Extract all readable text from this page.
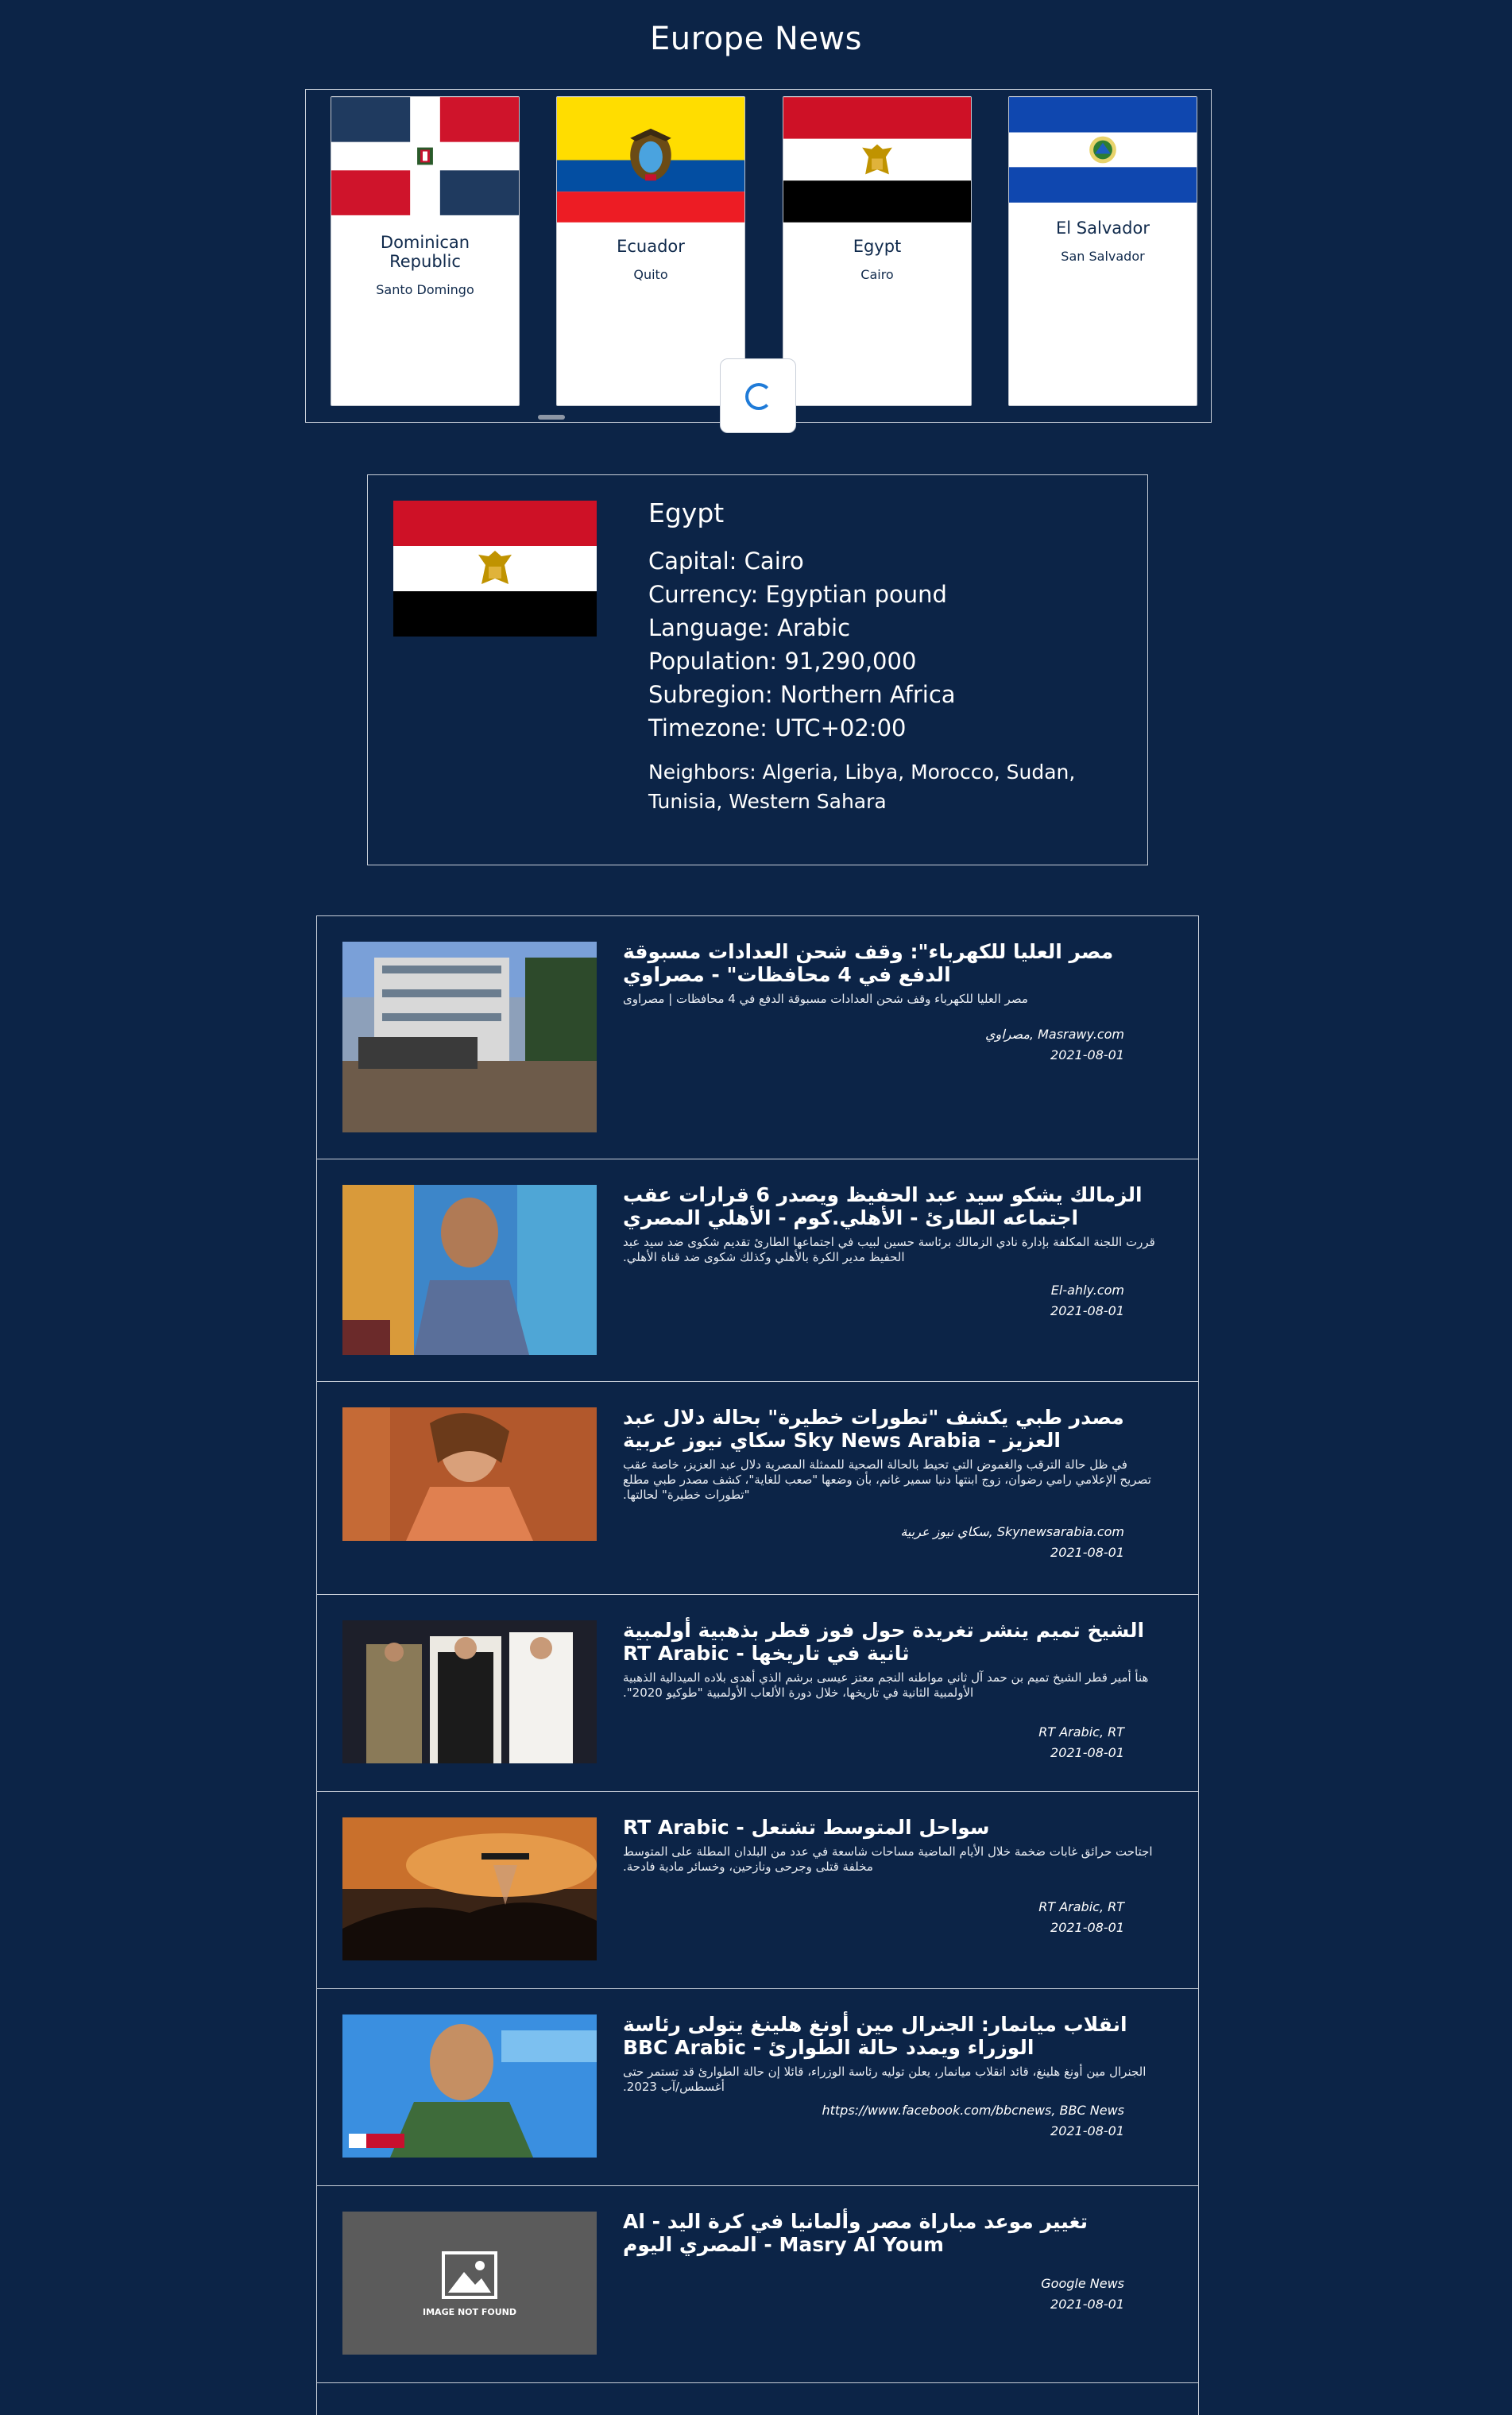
Europe News
Dominican Republic
Santo Domingo
Ecuador
Quito
Egypt
Cairo
El Salvador
San Salvador
Egypt
Capital: Cairo
Currency: Egyptian pound
Language: Arabic
Population: 91,290,000
Subregion: Northern Africa
Timezone: UTC+02:00
Neighbors: Algeria, Libya, Morocco, Sudan, Tunisia, Western Sahara
مصر العليا للكهرباء": وقف شحن العدادات مسبوقة الدفع في 4 محافظات" - مصراوي
مصر العليا للكهرباء وقف شحن العدادات مسبوقة الدفع في 4 محافظات | مصراوى
مصراوي, Masrawy.com
2021-08-01
الزمالك يشكو سيد عبد الحفيظ ويصدر 6 قرارات عقب اجتماعه الطارئ - الأهلي.كوم - الأهلي المصري
قررت اللجنة المكلفة بإدارة نادي الزمالك برئاسة حسين لبيب في اجتماعها الطارئ تقديم شكوى ضد سيد عبد الحفيظ مدير الكرة بالأهلي وكذلك شكوى ضد قناة الأهلي.
El-ahly.com
2021-08-01
مصدر طبي يكشف "تطورات خطيرة" بحالة دلال عبد العزيز - Sky News Arabia سكاي نيوز عربية
في ظل حالة الترقب والغموض التي تحيط بالحالة الصحية للممثلة المصرية دلال عبد العزيز، خاصة عقب تصريح الإعلامي رامي رضوان، زوج ابنتها دنيا سمير غانم، بأن وضعها "صعب للغاية"، كشف مصدر طبي مطلع "تطورات خطيرة" لحالتها.
سكاي نيوز عربية, Skynewsarabia.com
2021-08-01
الشيخ تميم ينشر تغريدة حول فوز قطر بذهبية أولمبية ثانية في تاريخها - RT Arabic
هنأ أمير قطر الشيخ تميم بن حمد آل ثاني مواطنه النجم معتز عيسى برشم الذي أهدى بلاده الميدالية الذهبية الأولمبية الثانية في تاريخها، خلال دورة الألعاب الأولمبية "طوكيو 2020".
RT Arabic, RT
2021-08-01
سواحل المتوسط تشتعل - RT Arabic
اجتاحت حرائق غابات ضخمة خلال الأيام الماضية مساحات شاسعة في عدد من البلدان المطلة على المتوسط مخلفة قتلى وجرحى ونازحين، وخسائر مادية فادحة.
RT Arabic, RT
2021-08-01
انقلاب ميانمار: الجنرال مين أونغ هلينغ يتولى رئاسة الوزراء ويمدد حالة الطوارئ - BBC Arabic
الجنرال مين أونغ هلينغ، قائد انقلاب ميانمار، يعلن توليه رئاسة الوزراء، قائلا إن حالة الطوارئ قد تستمر حتى أغسطس/آب 2023.
https://www.facebook.com/bbcnews, BBC News
2021-08-01
IMAGE NOT FOUND
تغيير موعد مباراة مصر وألمانيا في كرة اليد - Al Masry Al Youm - المصري اليوم
Google News
2021-08-01
